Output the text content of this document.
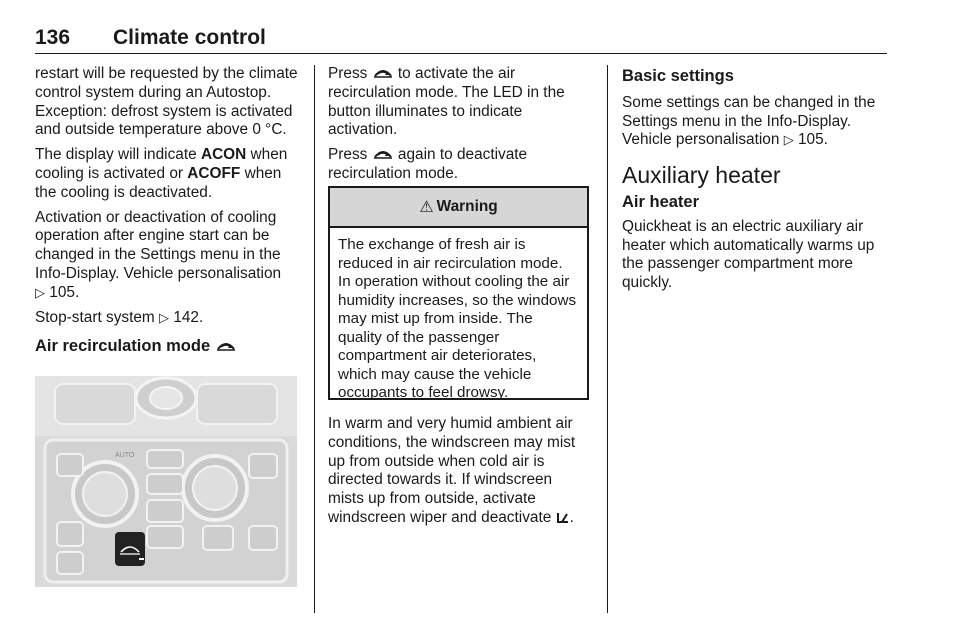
136 Climate control

restart will be requested by the climate control system during an Autostop. Exception: defrost system is activated and outside temperature above 0 °C.

The display will indicate ACON when cooling is activated or ACOFF when the cooling is deactivated.

Activation or deactivation of cooling operation after engine start can be changed in the Settings menu in the Info-Display. Vehicle personalisation
▷ 105.

Stop-start system ▷ 142.

Air recirculation mode

AUTO

Press to activate the air recirculation mode. The LED in the button illuminates to indicate activation.

Press again to deactivate recirculation mode.

⚠ Warning
The exchange of fresh air is reduced in air recirculation mode. In operation without cooling the air humidity increases, so the windows may mist up from inside. The quality of the passenger compartment air deteriorates, which may cause the vehicle occupants to feel drowsy.
In warm and very humid ambient air conditions, the windscreen may mist up from outside when cold air is directed towards it. If windscreen mists up from outside, activate windscreen wiper and deactivate .

Basic settings

Some settings can be changed in the Settings menu in the Info-Display. Vehicle personalisation ▷ 105.

Auxiliary heater

Air heater

Quickheat is an electric auxiliary air heater which automatically warms up the passenger compartment more quickly.
